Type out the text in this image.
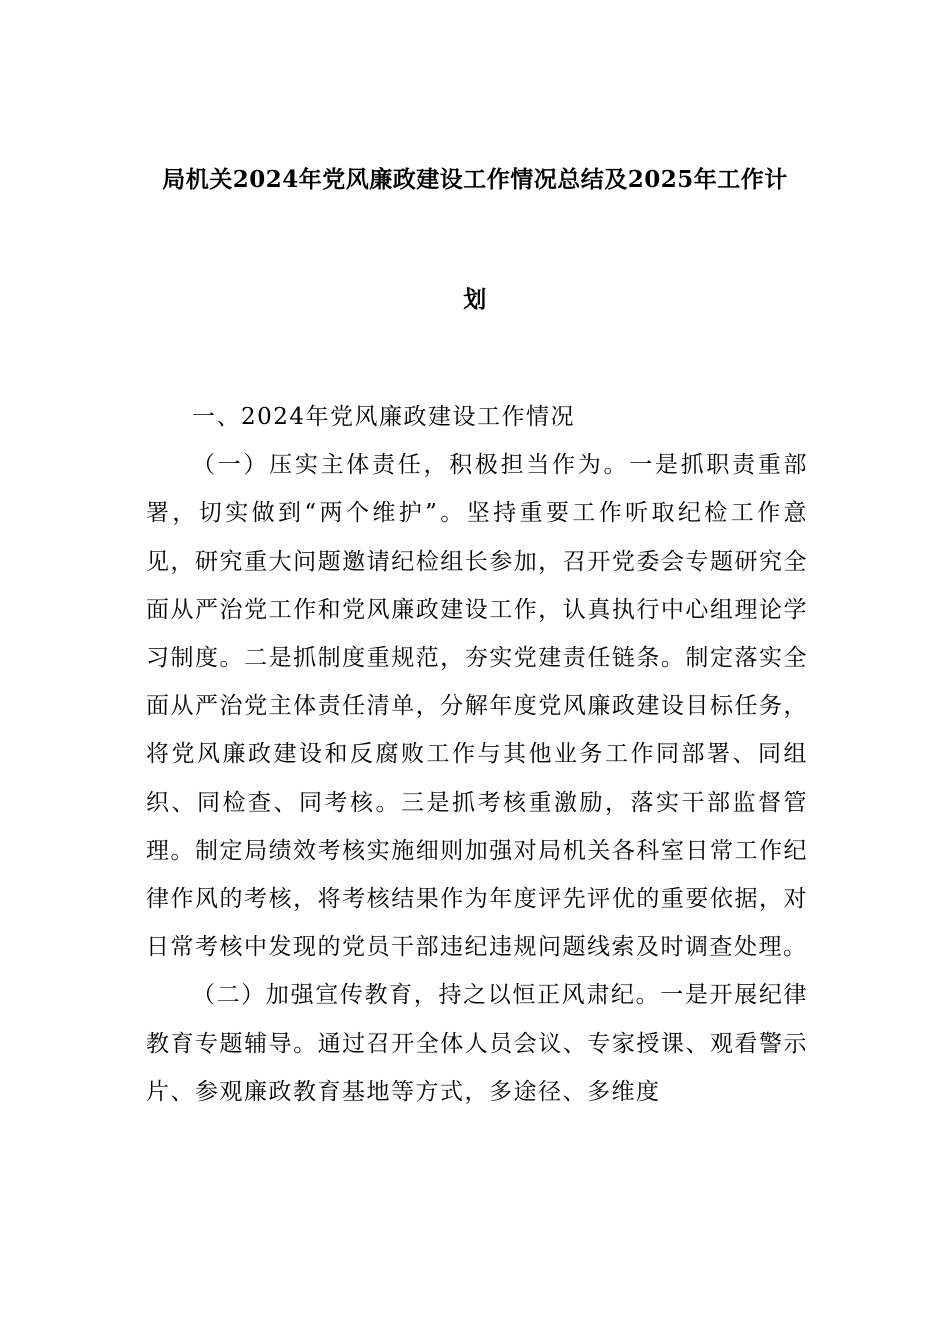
局机关2024年党风廉政建设工作情况总结及2025年工作计
划

一、2024年党风廉政建设工作情况

（一）压实主体责任，积极担当作为。一是抓职责重部署，切实做到“两个维护”。坚持重要工作听取纪检工作意见，研究重大问题邀请纪检组长参加，召开党委会专题研究全面从严治党工作和党风廉政建设工作，认真执行中心组理论学习制度。二是抓制度重规范，夯实党建责任链条。制定落实全面从严治党主体责任清单，分解年度党风廉政建设目标任务，将党风廉政建设和反腐败工作与其他业务工作同部署、同组织、同检查、同考核。三是抓考核重激励，落实干部监督管理。制定局绩效考核实施细则加强对局机关各科室日常工作纪律作风的考核，将考核结果作为年度评先评优的重要依据，对日常考核中发现的党员干部违纪违规问题线索及时调查处理。

（二）加强宣传教育，持之以恒正风肃纪。一是开展纪律教育专题辅导。通过召开全体人员会议、专家授课、观看警示片、参观廉政教育基地等方式，多途径、多维度
